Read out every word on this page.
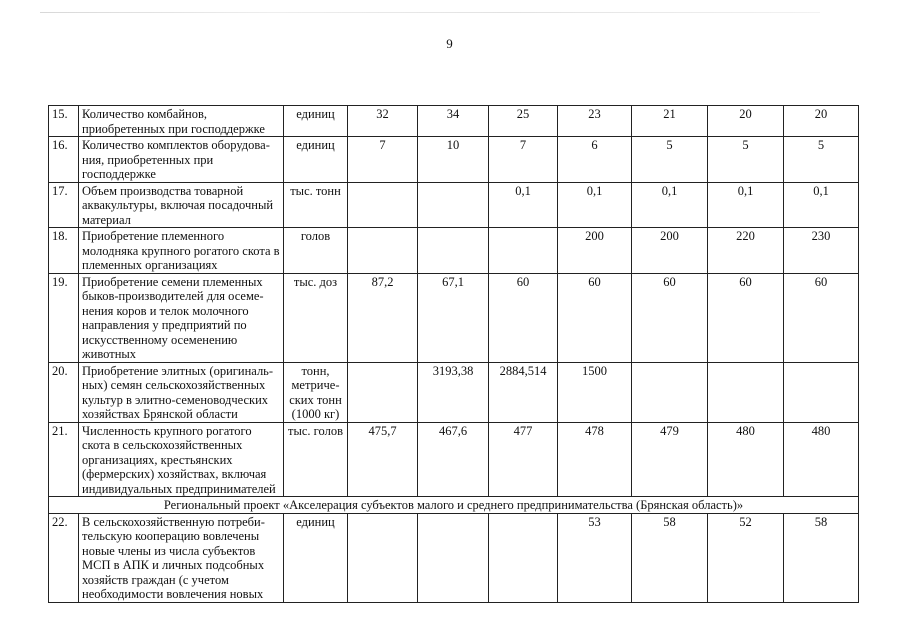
9
15.	Количество комбайнов, приобретенных при господдержке	единиц	32	34	25	23	21	20	20
16.	Количество комплектов оборудова-ния, приобретенных при господдержке	единиц	7	10	7	6	5	5	5
17.	Объем производства товарной аквакультуры, включая посадочный материал	тыс. тонн			0,1	0,1	0,1	0,1	0,1
18.	Приобретение племенного молодняка крупного рогатого скота в племенных организациях	голов				200	200	220	230
19.	Приобретение семени племенных быков-производителей для осеме-нения коров и телок молочного направления у предприятий по искусственному осеменению животных	тыс. доз	87,2	67,1	60	60	60	60	60
20.	Приобретение элитных (оригиналь-ных) семян сельскохозяйственных культур в элитно-семеноводческих хозяйствах Брянской области	тонн, метриче-ских тонн (1000 кг)		3193,38	2884,514	1500			
21.	Численность крупного рогатого скота в сельскохозяйственных организациях, крестьянских (фермерских) хозяйствах, включая индивидуальных предпринимателей	тыс. голов	475,7	467,6	477	478	479	480	480
Региональный проект «Акселерация субъектов малого и среднего предпринимательства (Брянская область)»									
22.	В сельскохозяйственную потреби-тельскую кооперацию вовлечены новые члены из числа субъектов МСП в АПК и личных подсобных хозяйств граждан (с учетом необходимости вовлечения новых	единиц				53	58	52	58
